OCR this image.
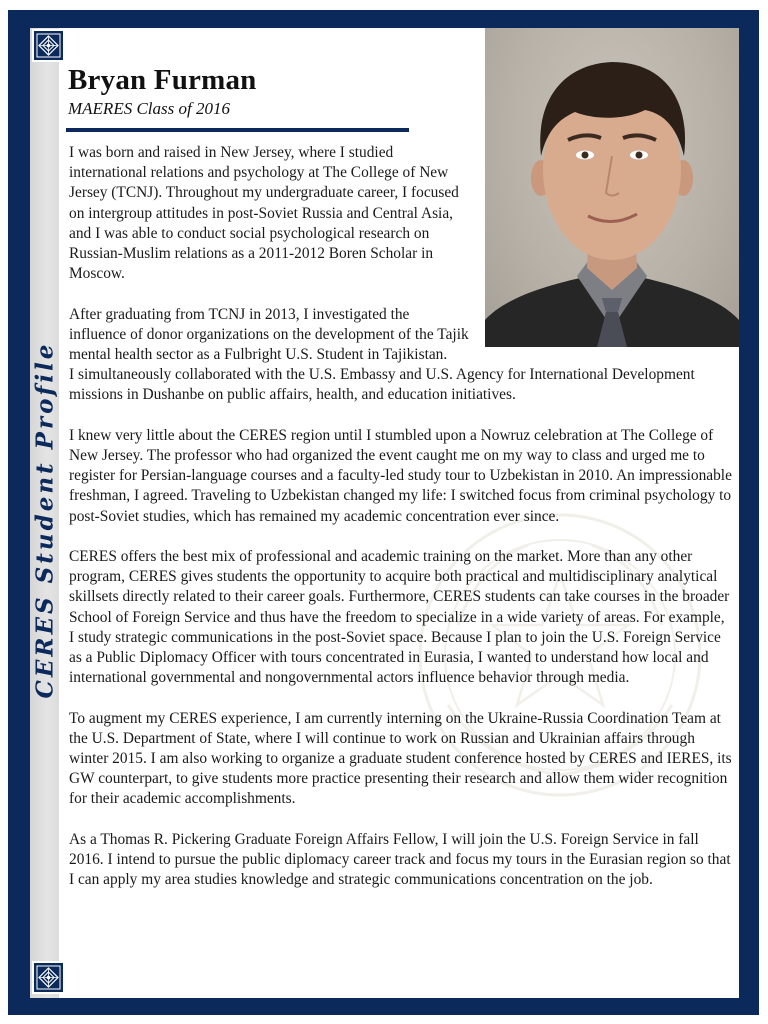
CERES Student Profile
Bryan Furman

MAERES Class of 2016

I was born and raised in New Jersey, where I studied international relations and psychology at The College of New Jersey (TCNJ). Throughout my undergraduate career, I focused on intergroup attitudes in post-Soviet Russia and Central Asia, and I was able to conduct social psychological research on Russian-Muslim relations as a 2011-2012 Boren Scholar in Moscow.

After graduating from TCNJ in 2013, I investigated the influence of donor organizations on the development of the Tajik mental health sector as a Fulbright U.S. Student in Tajikistan.

I simultaneously collaborated with the U.S. Embassy and U.S. Agency for International Development missions in Dushanbe on public affairs, health, and education initiatives.

I knew very little about the CERES region until I stumbled upon a Nowruz celebration at The College of New Jersey. The professor who had organized the event caught me on my way to class and urged me to register for Persian-language courses and a faculty-led study tour to Uzbekistan in 2010. An impressionable freshman, I agreed. Traveling to Uzbekistan changed my life: I switched focus from criminal psychology to post-Soviet studies, which has remained my academic concentration ever since.

CERES offers the best mix of professional and academic training on the market. More than any other program, CERES gives students the opportunity to acquire both practical and multidisciplinary analytical skillsets directly related to their career goals. Furthermore, CERES students can take courses in the broader School of Foreign Service and thus have the freedom to specialize in a wide variety of areas. For example, I study strategic communications in the post-Soviet space. Because I plan to join the U.S. Foreign Service as a Public Diplomacy Officer with tours concentrated in Eurasia, I wanted to understand how local and international governmental and nongovernmental actors influence behavior through media.

To augment my CERES experience, I am currently interning on the Ukraine-Russia Coordination Team at the U.S. Department of State, where I will continue to work on Russian and Ukrainian affairs through winter 2015. I am also working to organize a graduate student conference hosted by CERES and IERES, its GW counterpart, to give students more practice presenting their research and allow them wider recognition for their academic accomplishments.

As a Thomas R. Pickering Graduate Foreign Affairs Fellow, I will join the U.S. Foreign Service in fall 2016. I intend to pursue the public diplomacy career track and focus my tours in the Eurasian region so that I can apply my area studies knowledge and strategic communications concentration on the job.
